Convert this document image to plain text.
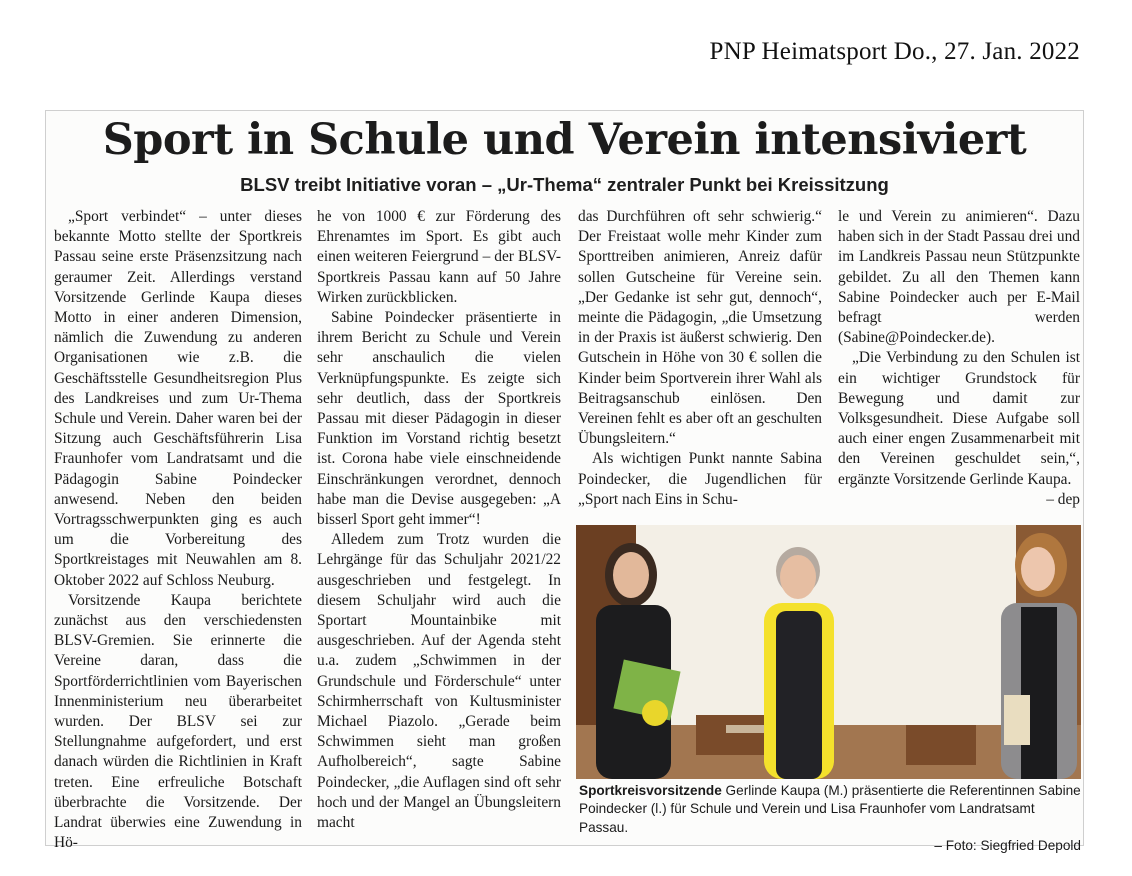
PNP Heimatsport Do., 27. Jan. 2022
Sport in Schule und Verein intensiviert
BLSV treibt Initiative voran – „Ur-Thema“ zentraler Punkt bei Kreissitzung

„Sport verbindet“ – unter dieses bekannte Motto stellte der Sportkreis Passau seine erste Präsenzsitzung nach geraumer Zeit. Allerdings verstand Vorsitzende Gerlinde Kaupa dieses Motto in einer anderen Dimension, nämlich die Zuwendung zu anderen Organisationen wie z.B. die Geschäftsstelle Gesundheitsregion Plus des Landkreises und zum Ur-Thema Schule und Verein. Daher waren bei der Sitzung auch Geschäftsführerin Lisa Fraunhofer vom Landratsamt und die Pädagogin Sabine Poindecker anwesend. Neben den beiden Vortragsschwerpunkten ging es auch um die Vorbereitung des Sportkreistages mit Neuwahlen am 8. Oktober 2022 auf Schloss Neuburg.

Vorsitzende Kaupa berichtete zunächst aus den verschiedensten BLSV-Gremien. Sie erinnerte die Vereine daran, dass die Sportförderrichtlinien vom Bayerischen Innenministerium neu überarbeitet wurden. Der BLSV sei zur Stellungnahme aufgefordert, und erst danach würden die Richtlinien in Kraft treten. Eine erfreuliche Botschaft überbrachte die Vorsitzende. Der Landrat überwies eine Zuwendung in Hö-

he von 1000 € zur Förderung des Ehrenamtes im Sport. Es gibt auch einen weiteren Feiergrund – der BLSV-Sportkreis Passau kann auf 50 Jahre Wirken zurückblicken.

Sabine Poindecker präsentierte in ihrem Bericht zu Schule und Verein sehr anschaulich die vielen Verknüpfungspunkte. Es zeigte sich sehr deutlich, dass der Sportkreis Passau mit dieser Pädagogin in dieser Funktion im Vorstand richtig besetzt ist. Corona habe viele einschneidende Einschränkungen verordnet, dennoch habe man die Devise ausgegeben: „A bisserl Sport geht immer“!

Alledem zum Trotz wurden die Lehrgänge für das Schuljahr 2021/22 ausgeschrieben und festgelegt. In diesem Schuljahr wird auch die Sportart Mountainbike mit ausgeschrieben. Auf der Agenda steht u.a. zudem „Schwimmen in der Grundschule und Förderschule“ unter Schirmherrschaft von Kultusminister Michael Piazolo. „Gerade beim Schwimmen sieht man großen Aufholbereich“, sagte Sabine Poindecker, „die Auflagen sind oft sehr hoch und der Mangel an Übungsleitern macht

das Durchführen oft sehr schwierig.“ Der Freistaat wolle mehr Kinder zum Sporttreiben animieren, Anreiz dafür sollen Gutscheine für Vereine sein. „Der Gedanke ist sehr gut, dennoch“, meinte die Pädagogin, „die Umsetzung in der Praxis ist äußerst schwierig. Den Gutschein in Höhe von 30 € sollen die Kinder beim Sportverein ihrer Wahl als Beitragsanschub einlösen. Den Vereinen fehlt es aber oft an geschulten Übungsleitern.“

Als wichtigen Punkt nannte Sabina Poindecker, die Jugendlichen für „Sport nach Eins in Schu-

le und Verein zu animieren“. Dazu haben sich in der Stadt Passau drei und im Landkreis Passau neun Stützpunkte gebildet. Zu all den Themen kann Sabine Poindecker auch per E-Mail befragt werden (Sabine@Poindecker.de).

„Die Verbindung zu den Schulen ist ein wichtiger Grundstock für Bewegung und damit zur Volksgesundheit. Diese Aufgabe soll auch einer engen Zusammenarbeit mit den Vereinen geschuldet sein,“, ergänzte Vorsitzende Gerlinde Kaupa.

– dep

Sportkreisvorsitzende Gerlinde Kaupa (M.) präsentierte die Referentinnen Sabine Poindecker (l.) für Schule und Verein und Lisa Fraunhofer vom Landratsamt Passau.
– Foto: Siegfried Depold
